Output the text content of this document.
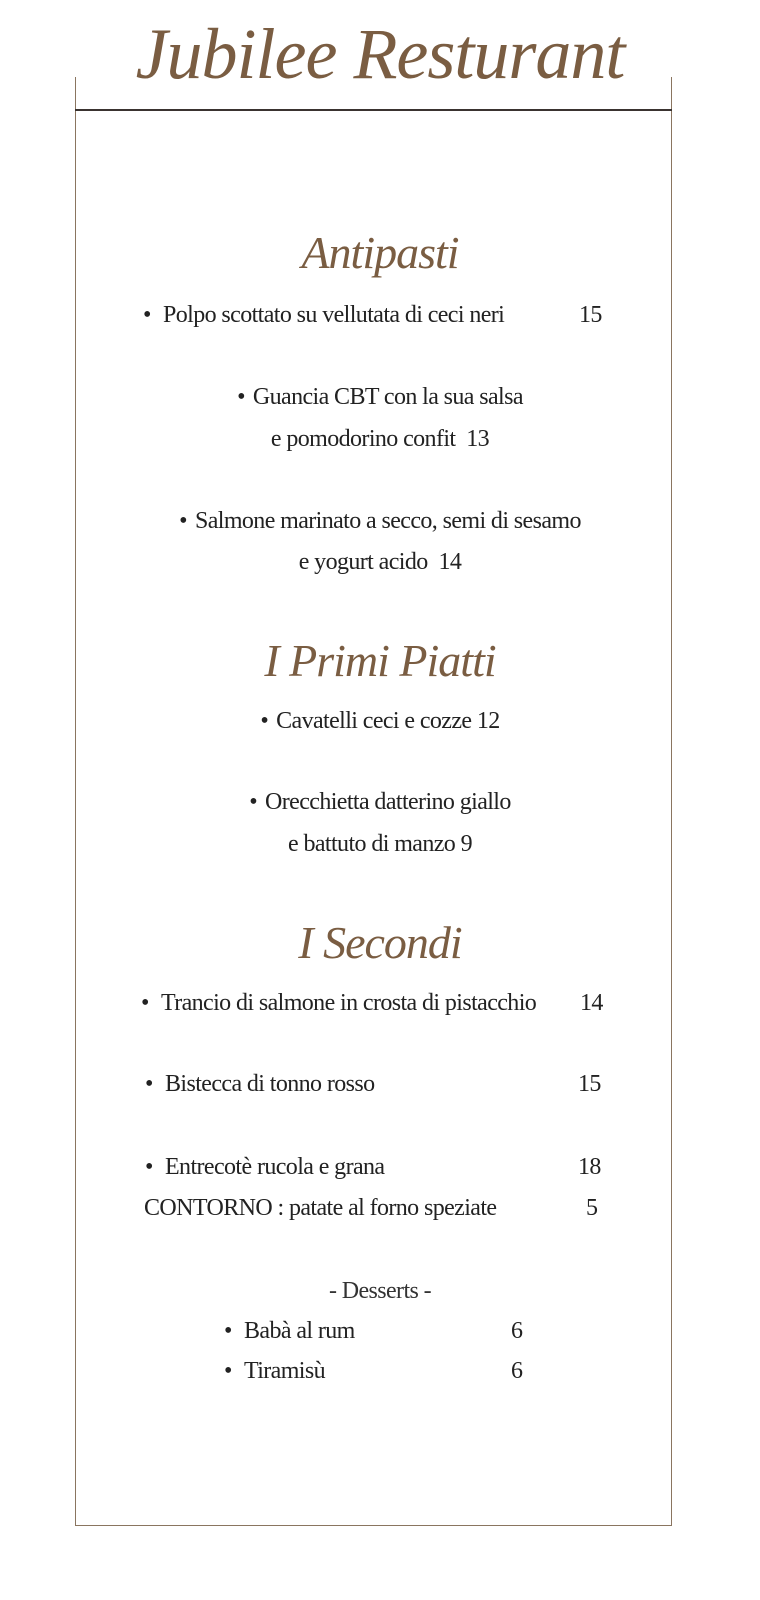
Jubilee Resturant
Antipasti
• Polpo scottato su vellutata di ceci neri	15
• Guancia CBT con la sua salsa
e pomodorino confit 13
• Salmone marinato a secco, semi di sesamo
e yogurt acido 14
I Primi Piatti
• Cavatelli ceci e cozze 12
• Orecchietta datterino giallo
e battuto di manzo 9
I Secondi
• Trancio di salmone in crosta di pistacchio 14
• Bistecca di tonno rosso	15
• Entrecotè rucola e grana	18
CONTORNO : patate al forno speziate	5
- Desserts -
• Babà al rum	6
• Tiramisù	6
